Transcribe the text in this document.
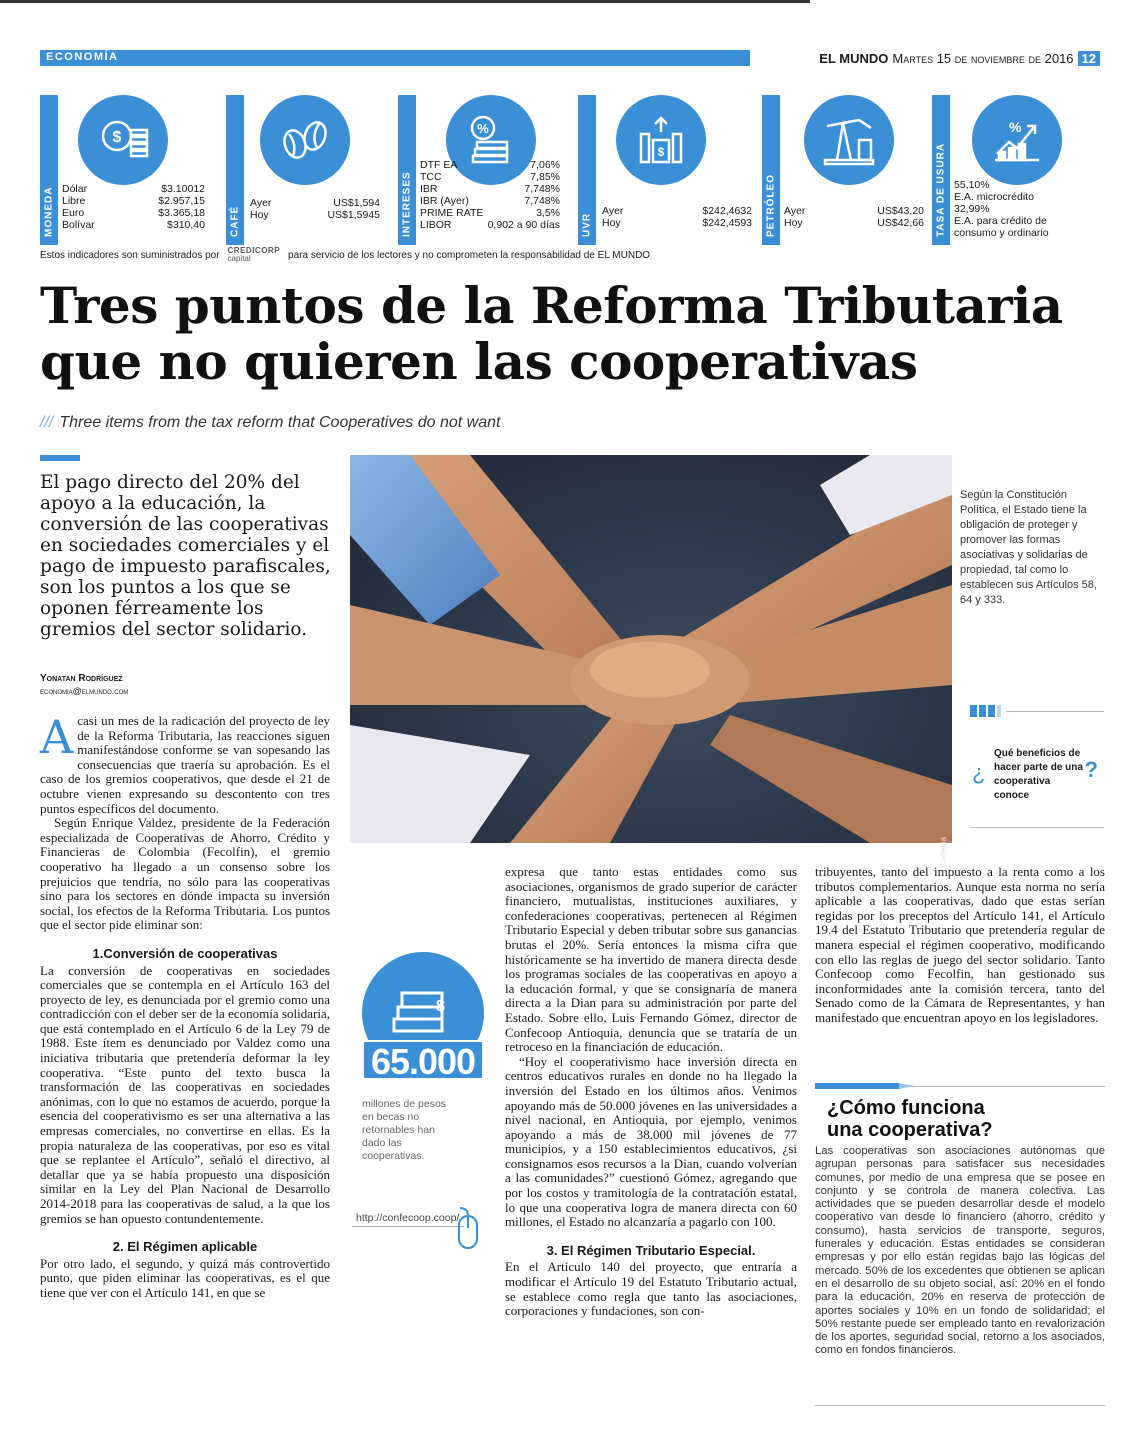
ECONOMÍA	EL MUNDO Martes 15 de noviembre de 2016 12
MONEDA
$
Dólar	$3.10012
Libre	$2.957,15
Euro	$3.365,18
Bolívar	$310,40 CAFÉ
Ayer	US$1,594
Hoy	US$1,5945 INTERESES
%
DTF EA	7,06%
TCC	7,85%
IBR	7,748%
IBR (Ayer)	7,748%
PRIME RATE	3,5%
LIBOR	0,902 a 90 días UVR
$
Ayer	$242,4632
Hoy	$242,4593 PETRÓLEO Ayer	US$43,20
Hoy	US$42,66 TASA DE USURA
%
55,10%
E.A. microcrédito
32,99%
E.A. para crédito de
consumo y ordinario
Estos indicadores son suministrados por CREDICORP
capital	para servicio de los lectores y no comprometen la responsabilidad de EL MUNDO
Tres puntos de la Reforma Tributaria
que no quieren las cooperativas
/// Three items from the tax reform that Cooperatives do not want
El pago directo del 20% del apoyo a la educación, la conversión de las cooperativas en sociedades comerciales y el pago de impuesto parafiscales, son los puntos a los que se oponen férreamente los gremios del sector solidario.
Yonatan Rodríguez
economia@elmundo.com
Cortesía
Según la Constitución Política, el Estado tiene la obligación de proteger y promover las formas asociativas y solidarias de propiedad, tal como lo establecen sus Artículos 58, 64 y 333.
¿
Qué beneficios de hacer parte de una cooperativa conoce
?

Acasi un mes de la radicación del proyecto de ley de la Reforma Tributaria, las reacciones siguen manifestándose conforme se van sopesando las consecuencias que traería su aprobación. Es el caso de los gremios cooperativos, que desde el 21 de octubre vienen expresando su descontento con tres puntos específicos del documento.

Según Enrique Valdez, presidente de la Federación especializada de Cooperativas de Ahorro, Crédito y Financieras de Colombia (Fecolfin), el gremio cooperativo ha llegado a un consenso sobre los prejuicios que tendría, no sólo para las cooperativas sino para los sectores en dónde impacta su inversión social, los efectos de la Reforma Tributaria. Los puntos que el sector pide eliminar son:

1.Conversión de cooperativas

La conversión de cooperativas en sociedades comerciales que se contempla en el Artículo 163 del proyecto de ley, es denunciada por el gremio como una contradicción con el deber ser de la economía solidaria, que está contemplado en el Artículo 6 de la Ley 79 de 1988. Este ítem es denunciado por Valdez como una iniciativa tributaria que pretendería deformar la ley cooperativa. “Este punto del texto busca la transformación de las cooperativas en sociedades anónimas, con lo que no estamos de acuerdo, porque la esencia del cooperativismo es ser una alternativa a las empresas comerciales, no convertirse en ellas. Es la propia naturaleza de las cooperativas, por eso es vital que se replantee el Artículo”, señaló el directivo, al detallar que ya se había propuesto una disposición similar en la Ley del Plan Nacional de Desarrollo 2014-2018 para las cooperativas de salud, a la que los gremios se han opuesto contundentemente.

2. El Régimen aplicable

Por otro lado, el segundo, y quizá más controvertido punto, que piden eliminar las cooperativas, es el que tiene que ver con el Artículo 141, en que se

$
65.000
millones de pesos en becas no retornables han dado las cooperativas.
http://confecoop.coop/

expresa que tanto estas entidades como sus asociaciones, organismos de grado superior de carácter financiero, mutualistas, instituciones auxiliares, y confederaciones cooperativas, pertenecen al Régimen Tributario Especial y deben tributar sobre sus ganancias brutas el 20%. Sería entonces la misma cifra que históricamente se ha invertido de manera directa desde los programas sociales de las cooperativas en apoyo a la educación formal, y que se consignaría de manera directa a la Dian para su administración por parte del Estado. Sobre ello, Luis Fernando Gómez, director de Confecoop Antioquia, denuncia que se trataría de un retroceso en la financiación de educación.

“Hoy el cooperativismo hace inversión directa en centros educativos rurales en donde no ha llegado la inversión del Estado en los últimos años. Venimos apoyando más de 50.000 jóvenes en las universidades a nivel nacional, en Antioquia, por ejemplo, venimos apoyando a más de 38.000 mil jóvenes de 77 municipios, y a 150 establecimientos educativos, ¿si consignamos esos recursos a la Dian, cuando volverían a las comunidades?” cuestionó Gómez, agregando que por los costos y tramitología de la contratación estatal, lo que una cooperativa logra de manera directa con 60 millones, el Estado no alcanzaría a pagarlo con 100.

3. El Régimen Tributario Especial.

En el Artículo 140 del proyecto, que entraría a modificar el Artículo 19 del Estatuto Tributario actual, se establece como regla que tanto las asociaciones, corporaciones y fundaciones, son con-

tribuyentes, tanto del impuesto a la renta como a los tributos complementarios. Aunque esta norma no sería aplicable a las cooperativas, dado que estas serían regidas por los preceptos del Artículo 141, el Artículo 19.4 del Estatuto Tributario que pretendería regular de manera especial el régimen cooperativo, modificando con ello las reglas de juego del sector solidario. Tanto Confecoop como Fecolfin, han gestionado sus inconformidades ante la comisión tercera, tanto del Senado como de la Cámara de Representantes, y han manifestado que encuentran apoyo en los legisladores.

¿Cómo funciona
una cooperativa?
Las cooperativas son asociaciones autónomas que agrupan personas para satisfacer sus necesidades comunes, por medio de una empresa que se posee en conjunto y se controla de manera colectiva. Las actividades que se pueden desarrollar desde el modelo cooperativo van desde lo financiero (ahorro, crédito y consumo), hasta servicios de transporte, seguros, funerales y educación. Estas entidades se consideran empresas y por ello están regidas bajo las lógicas del mercado. 50% de los excedentes que obtienen se aplican en el desarrollo de su objeto social, así: 20% en el fondo para la educación, 20% en reserva de protección de aportes sociales y 10% en un fondo de solidaridad; el 50% restante puede ser empleado tanto en revalorización de los aportes, seguridad social, retorno a los asociados, como en fondos financieros.
